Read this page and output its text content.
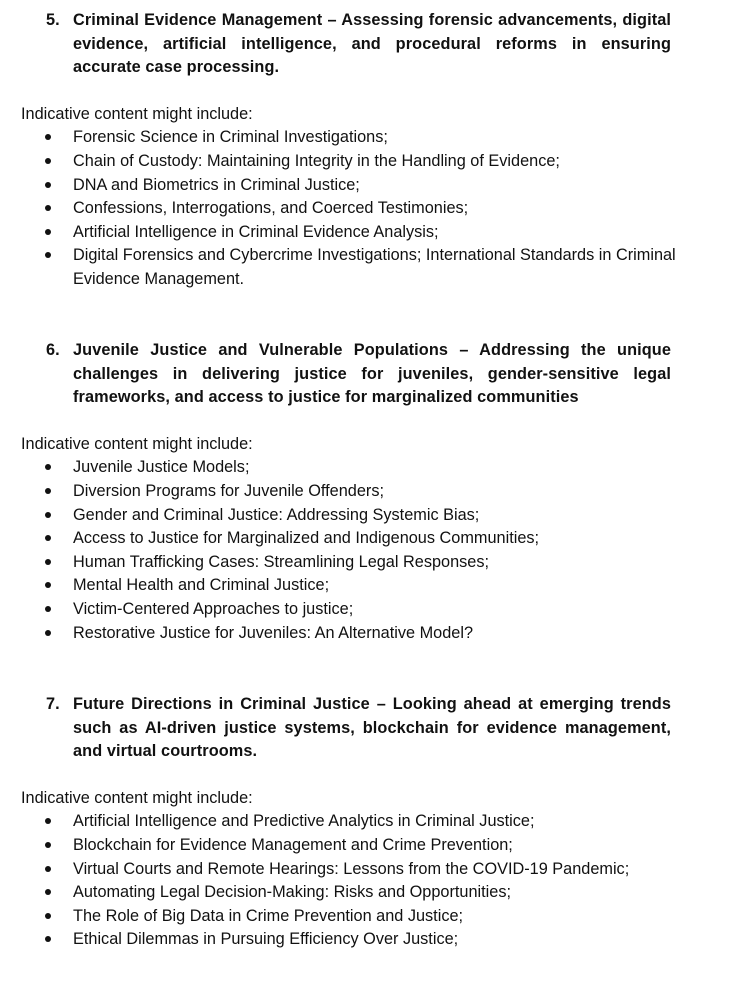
5. Criminal Evidence Management – Assessing forensic advancements, digital evidence, artificial intelligence, and procedural reforms in ensuring accurate case processing.
Indicative content might include:
Forensic Science in Criminal Investigations;
Chain of Custody: Maintaining Integrity in the Handling of Evidence;
DNA and Biometrics in Criminal Justice;
Confessions, Interrogations, and Coerced Testimonies;
Artificial Intelligence in Criminal Evidence Analysis;
Digital Forensics and Cybercrime Investigations; International Standards in Criminal Evidence Management.
6. Juvenile Justice and Vulnerable Populations – Addressing the unique challenges in delivering justice for juveniles, gender-sensitive legal frameworks, and access to justice for marginalized communities
Indicative content might include:
Juvenile Justice Models;
Diversion Programs for Juvenile Offenders;
Gender and Criminal Justice: Addressing Systemic Bias;
Access to Justice for Marginalized and Indigenous Communities;
Human Trafficking Cases: Streamlining Legal Responses;
Mental Health and Criminal Justice;
Victim-Centered Approaches to justice;
Restorative Justice for Juveniles: An Alternative Model?
7. Future Directions in Criminal Justice – Looking ahead at emerging trends such as AI-driven justice systems, blockchain for evidence management, and virtual courtrooms.
Indicative content might include:
Artificial Intelligence and Predictive Analytics in Criminal Justice;
Blockchain for Evidence Management and Crime Prevention;
Virtual Courts and Remote Hearings: Lessons from the COVID-19 Pandemic;
Automating Legal Decision-Making: Risks and Opportunities;
The Role of Big Data in Crime Prevention and Justice;
Ethical Dilemmas in Pursuing Efficiency Over Justice;
